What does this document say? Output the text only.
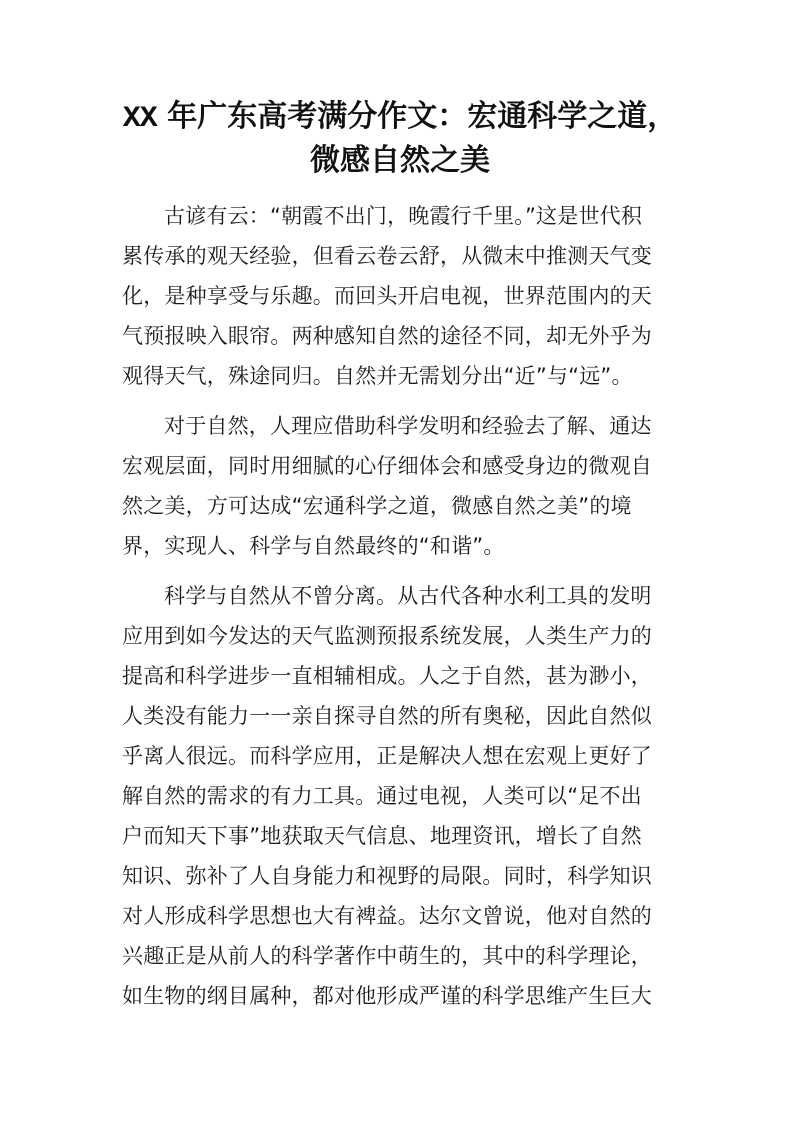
XX 年广东高考满分作文：宏通科学之道，
微感自然之美
古谚有云：“朝霞不出门，晚霞行千里。”这是世代积
累传承的观天经验，但看云卷云舒，从微末中推测天气变
化，是种享受与乐趣。而回头开启电视，世界范围内的天
气预报映入眼帘。两种感知自然的途径不同，却无外乎为
观得天气，殊途同归。自然并无需划分出“近”与“远”。
对于自然，人理应借助科学发明和经验去了解、通达
宏观层面，同时用细腻的心仔细体会和感受身边的微观自
然之美，方可达成“宏通科学之道，微感自然之美”的境
界，实现人、科学与自然最终的“和谐”。
科学与自然从不曾分离。从古代各种水利工具的发明
应用到如今发达的天气监测预报系统发展，人类生产力的
提高和科学进步一直相辅相成。人之于自然，甚为渺小，
人类没有能力一一亲自探寻自然的所有奥秘，因此自然似
乎离人很远。而科学应用，正是解决人想在宏观上更好了
解自然的需求的有力工具。通过电视，人类可以“足不出
户而知天下事”地获取天气信息、地理资讯，增长了自然
知识、弥补了人自身能力和视野的局限。同时，科学知识
对人形成科学思想也大有裨益。达尔文曾说，他对自然的
兴趣正是从前人的科学著作中萌生的，其中的科学理论，
如生物的纲目属种，都对他形成严谨的科学思维产生巨大
